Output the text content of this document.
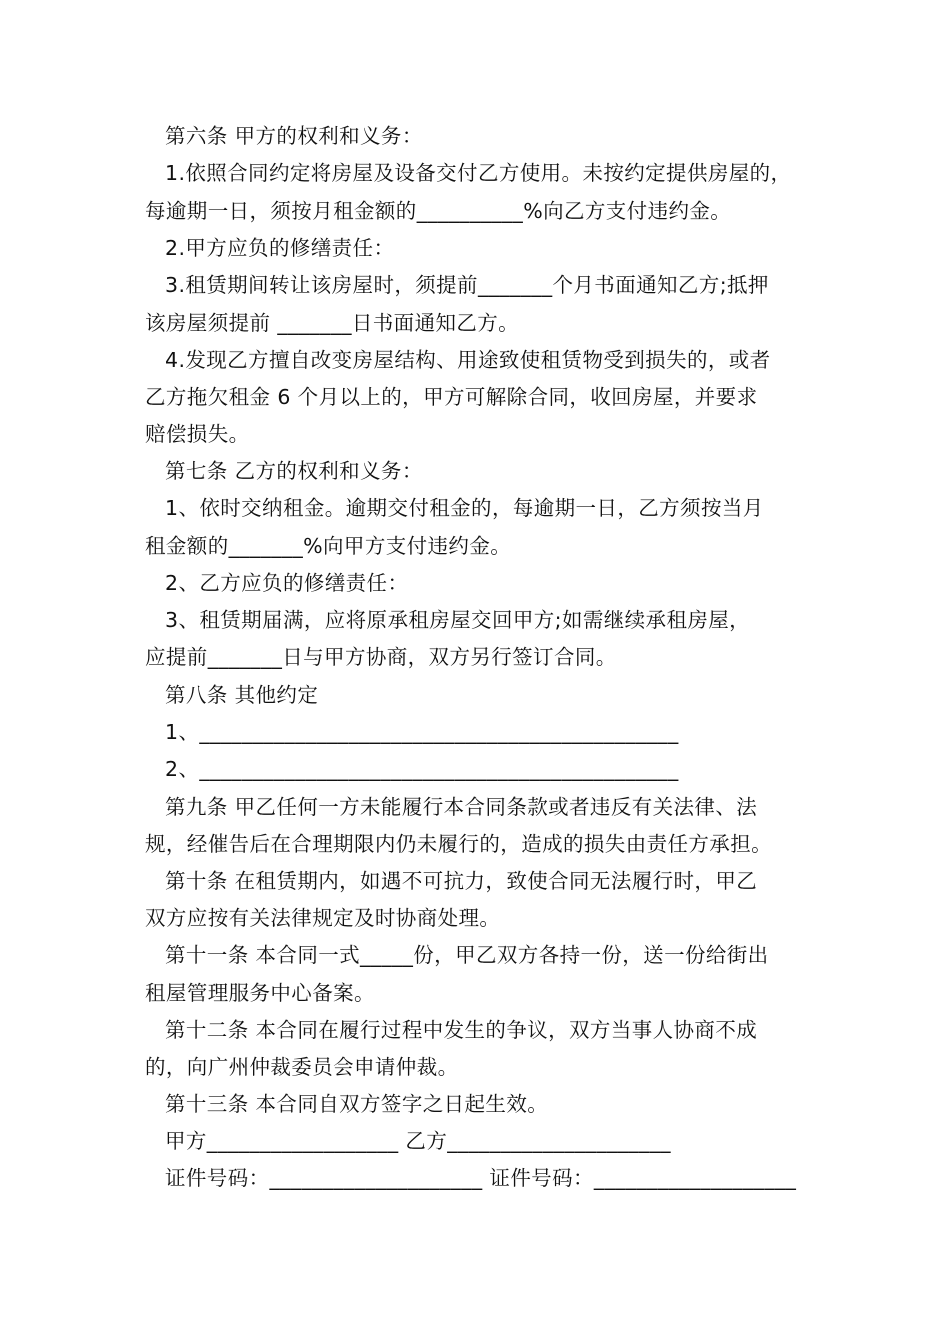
第六条 甲方的权利和义务：
1.依照合同约定将房屋及设备交付乙方使用。未按约定提供房屋的，
每逾期一日，须按月租金额的__________%向乙方支付违约金。
2.甲方应负的修缮责任：
3.租赁期间转让该房屋时，须提前_______个月书面通知乙方;抵押
该房屋须提前 _______日书面通知乙方。
4.发现乙方擅自改变房屋结构、用途致使租赁物受到损失的，或者
乙方拖欠租金 6 个月以上的，甲方可解除合同，收回房屋，并要求
赔偿损失。
第七条 乙方的权利和义务：
1、依时交纳租金。逾期交付租金的，每逾期一日，乙方须按当月
租金额的_______%向甲方支付违约金。
2、乙方应负的修缮责任：
3、租赁期届满，应将原承租房屋交回甲方;如需继续承租房屋，
应提前_______日与甲方协商，双方另行签订合同。
第八条 其他约定
1、_____________________________________________
2、_____________________________________________
第九条 甲乙任何一方未能履行本合同条款或者违反有关法律、法
规，经催告后在合理期限内仍未履行的，造成的损失由责任方承担。
第十条 在租赁期内，如遇不可抗力，致使合同无法履行时，甲乙
双方应按有关法律规定及时协商处理。
第十一条 本合同一式_____份，甲乙双方各持一份，送一份给街出
租屋管理服务中心备案。
第十二条 本合同在履行过程中发生的争议，双方当事人协商不成
的，向广州仲裁委员会申请仲裁。
第十三条 本合同自双方签字之日起生效。
甲方__________________ 乙方_____________________
证件号码：____________________ 证件号码：___________________
